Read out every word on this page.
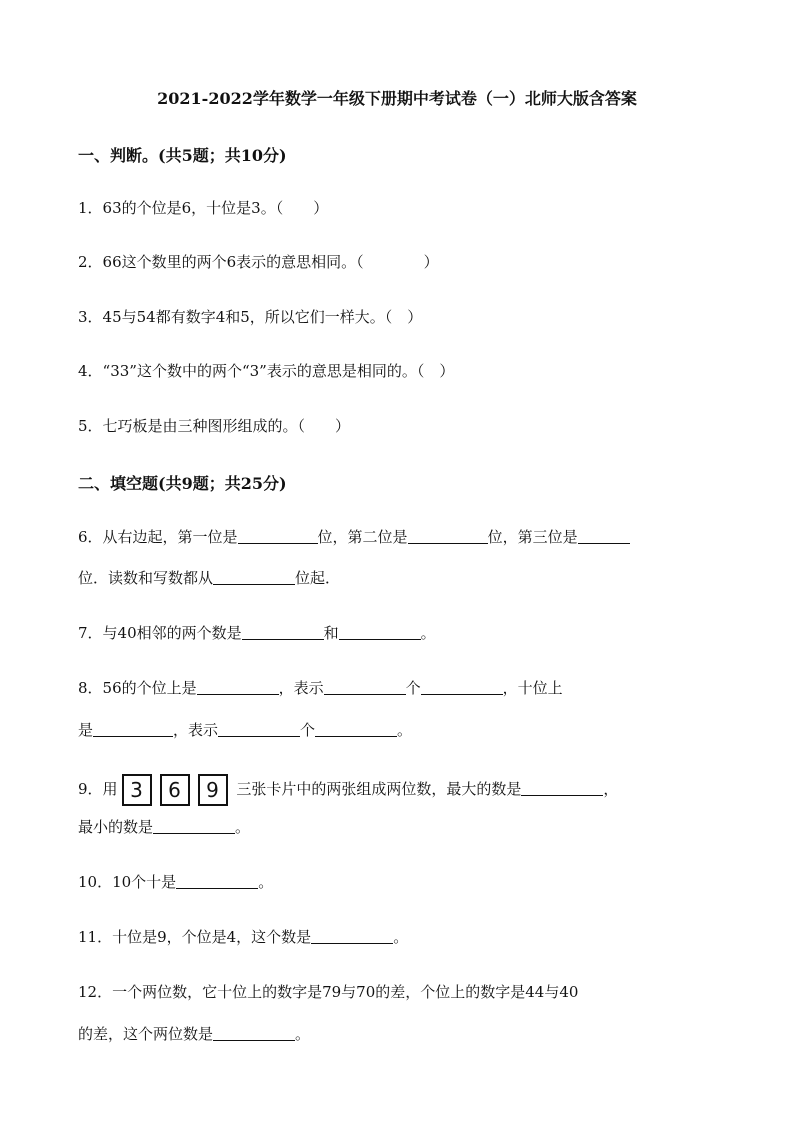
2021-2022学年数学一年级下册期中考试卷（一）北师大版含答案
一、判断。(共5题；共10分)
1．63的个位是6，十位是3。（　　）
2．66这个数里的两个6表示的意思相同。（　　　　）
3．45与54都有数字4和5，所以它们一样大。（　）
4．“33”这个数中的两个“3”表示的意思是相同的。（　）
5．七巧板是由三种图形组成的。（　　）
二、填空题(共9题；共25分)
6．从右边起，第一位是	位，第二位是	位，第三位是
位．读数和写数都从	位起．
7．与40相邻的两个数是	和	。
8．56的个位上是	，表示	个	，十位上
是	，表示	个	。
9．用 3 6 9 三张卡片中的两张组成两位数，最大的数是	，
最小的数是	。
10．10个十是	。
11．十位是9，个位是4，这个数是	。
12．一个两位数，它十位上的数字是79与70的差，个位上的数字是44与40
的差，这个两位数是	。
